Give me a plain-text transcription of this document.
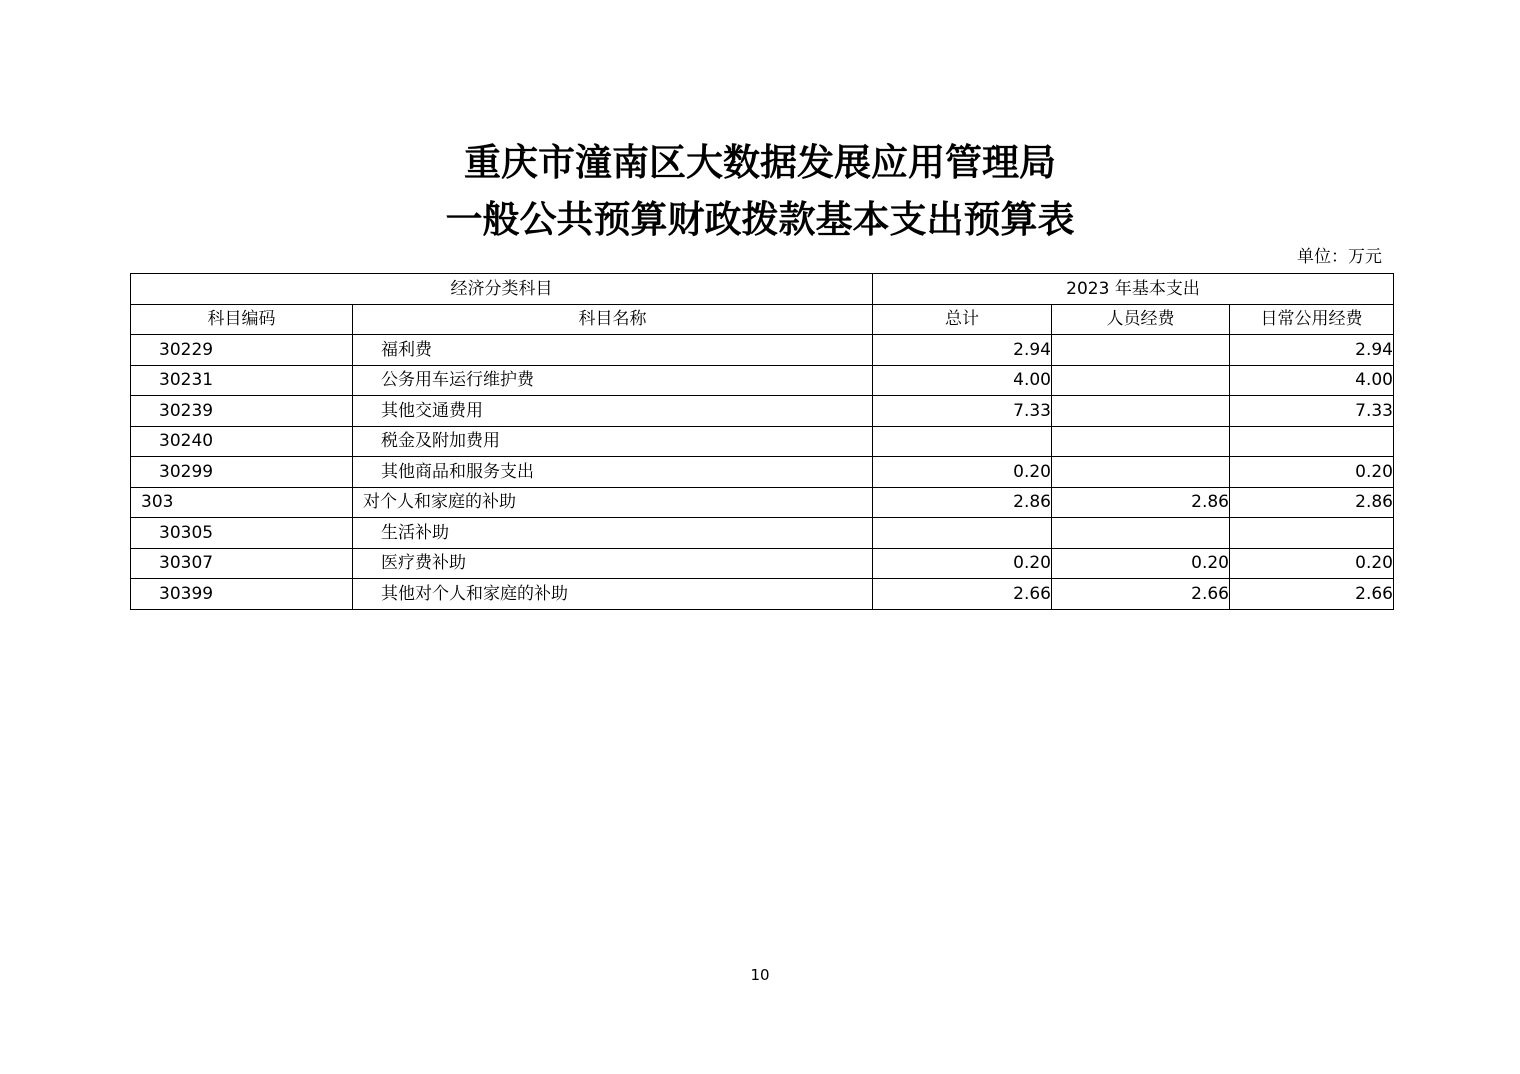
重庆市潼南区大数据发展应用管理局
一般公共预算财政拨款基本支出预算表
单位：万元
经济分类科目		2023 年基本支出		
科目编码	科目名称	总计	人员经费	日常公用经费
30229	福利费	2.94		2.94
30231	公务用车运行维护费	4.00		4.00
30239	其他交通费用	7.33		7.33
30240	税金及附加费用			
30299	其他商品和服务支出	0.20		0.20
303	对个人和家庭的补助	2.86	2.86	2.86
30305	生活补助			
30307	医疗费补助	0.20	0.20	0.20
30399	其他对个人和家庭的补助	2.66	2.66	2.66
10
